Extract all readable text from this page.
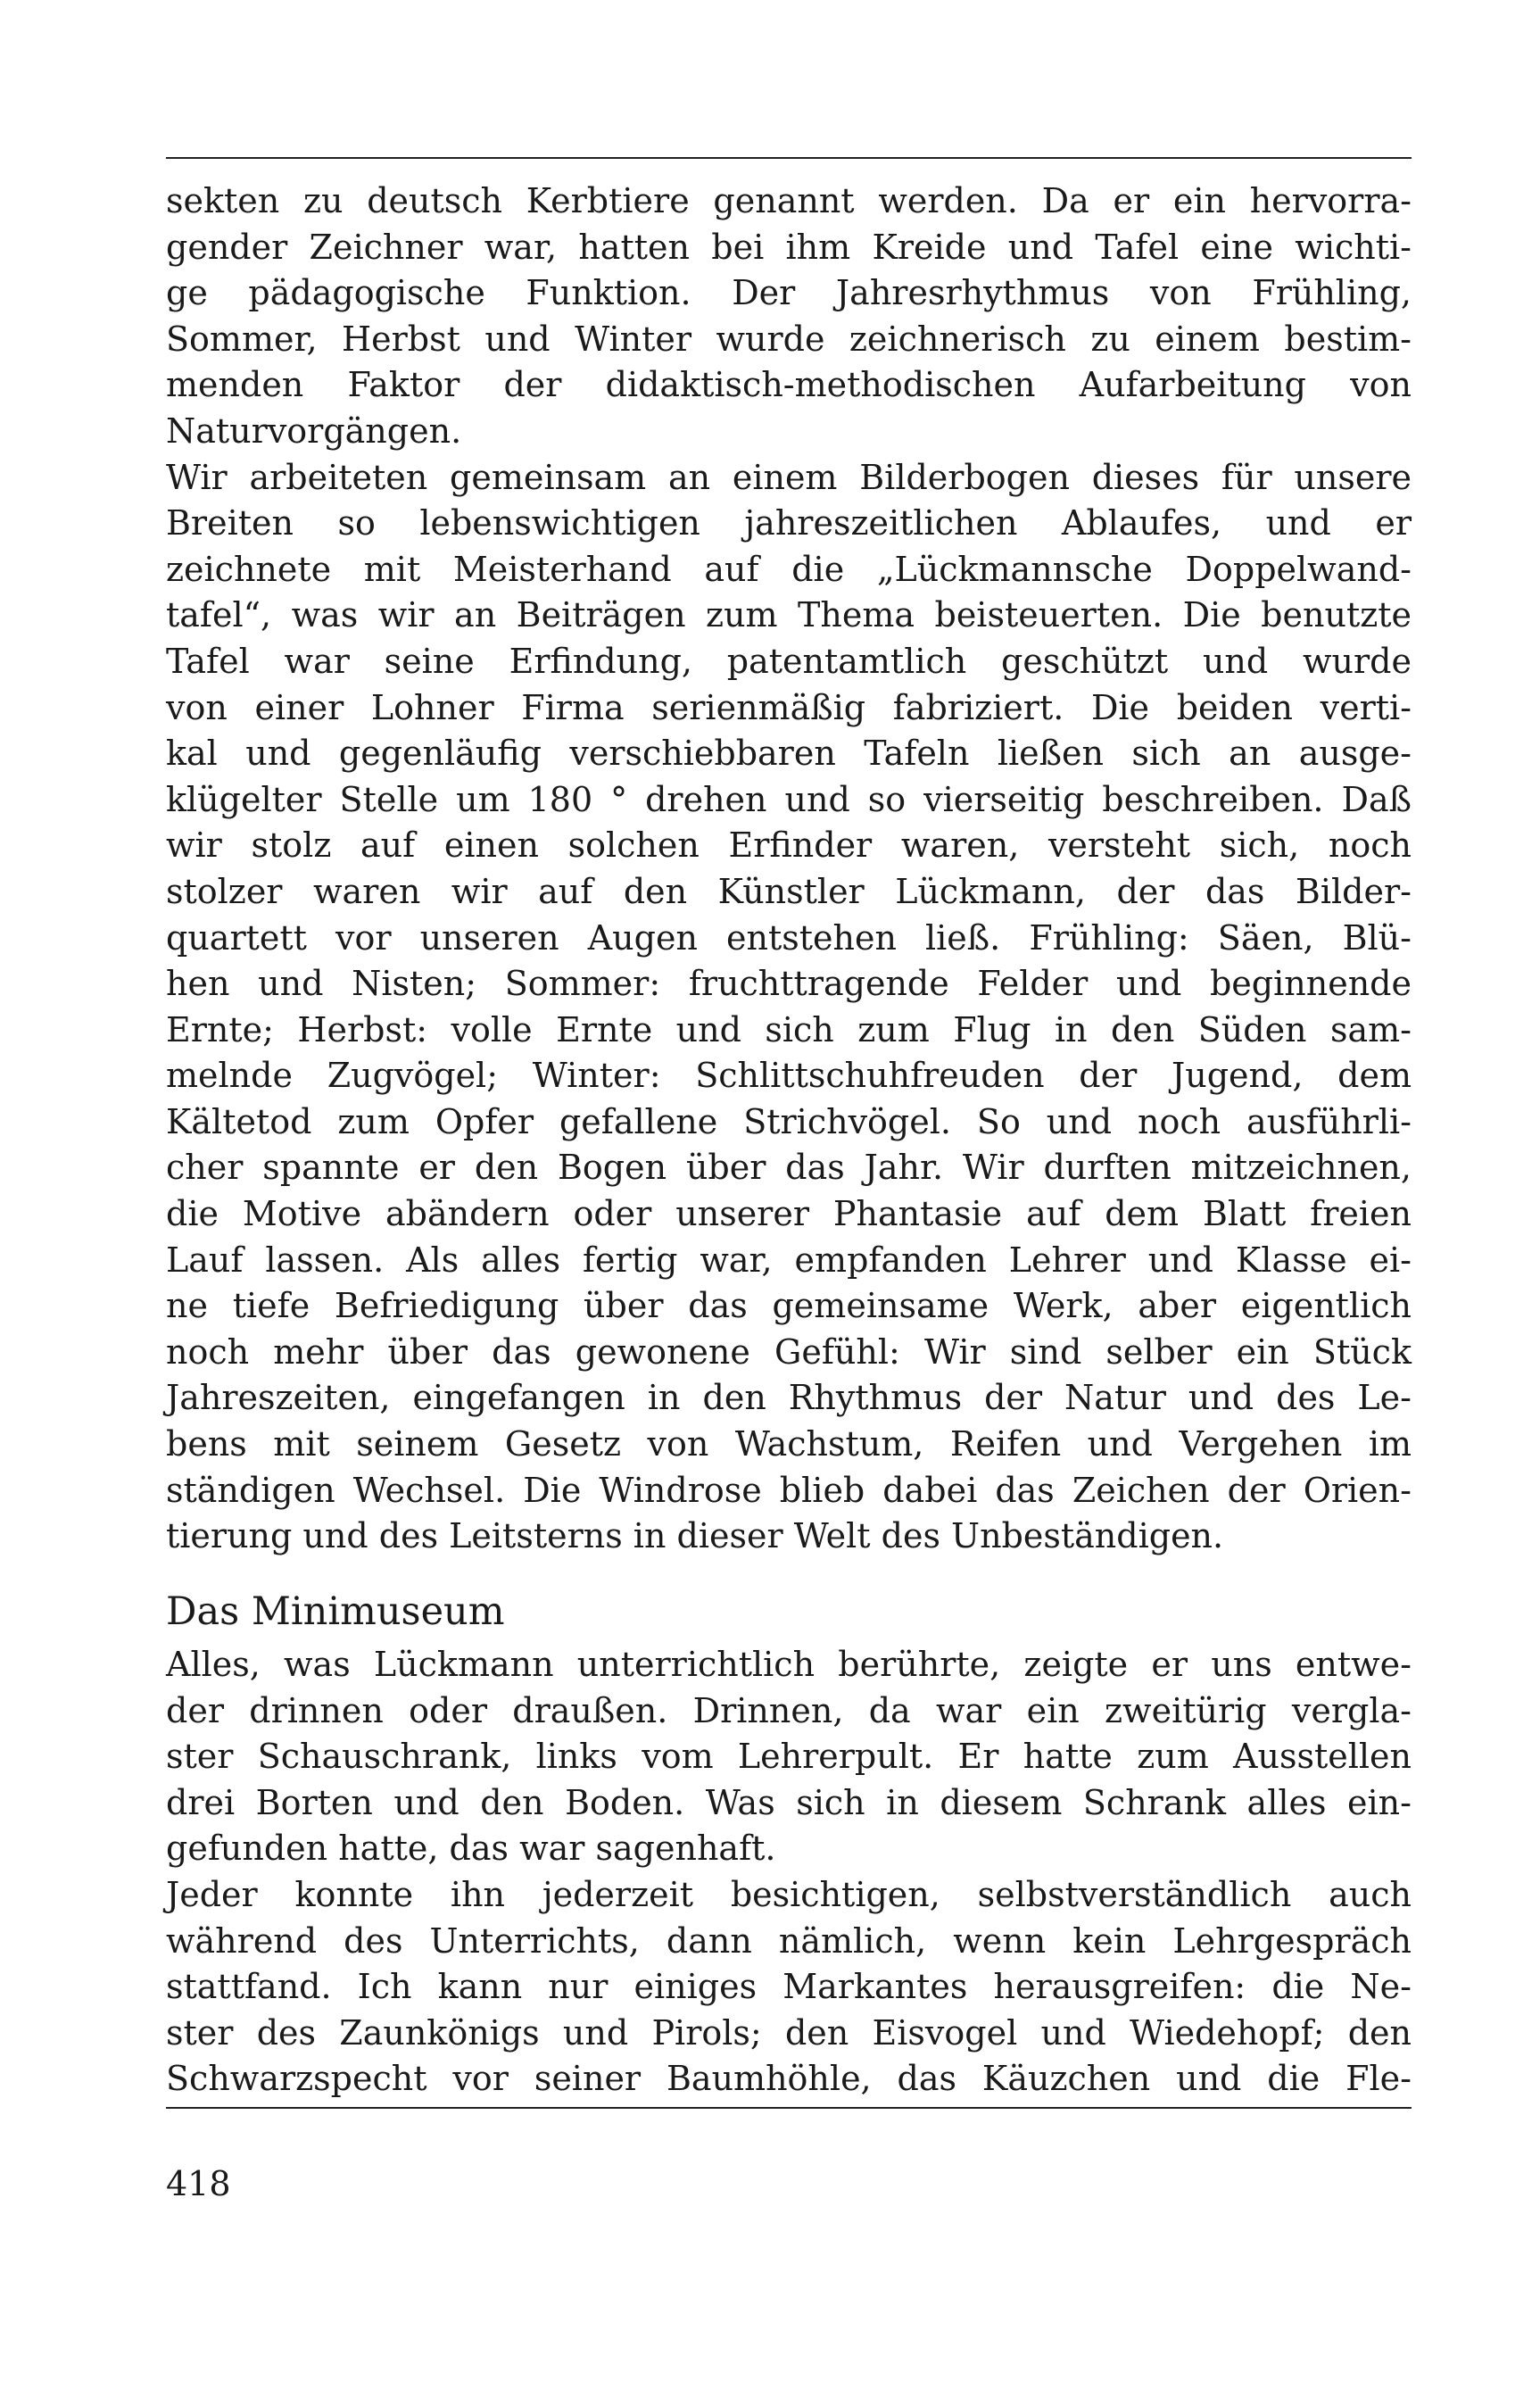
sekten zu deutsch Kerbtiere genannt werden. Da er ein hervorra-
gender Zeichner war, hatten bei ihm Kreide und Tafel eine wichti-
ge pädagogische Funktion. Der Jahresrhythmus von Frühling,
Sommer, Herbst und Winter wurde zeichnerisch zu einem bestim-
menden Faktor der didaktisch-methodischen Aufarbeitung von
Naturvorgängen.
Wir arbeiteten gemeinsam an einem Bilderbogen dieses für unsere
Breiten so lebenswichtigen jahreszeitlichen Ablaufes, und er
zeichnete mit Meisterhand auf die „Lückmannsche Doppelwand-
tafel“, was wir an Beiträgen zum Thema beisteuerten. Die benutzte
Tafel war seine Erfindung, patentamtlich geschützt und wurde
von einer Lohner Firma serienmäßig fabriziert. Die beiden verti-
kal und gegenläufig verschiebbaren Tafeln ließen sich an ausge-
klügelter Stelle um 180 ° drehen und so vierseitig beschreiben. Daß
wir stolz auf einen solchen Erfinder waren, versteht sich, noch
stolzer waren wir auf den Künstler Lückmann, der das Bilder-
quartett vor unseren Augen entstehen ließ. Frühling: Säen, Blü-
hen und Nisten; Sommer: fruchttragende Felder und beginnende
Ernte; Herbst: volle Ernte und sich zum Flug in den Süden sam-
melnde Zugvögel; Winter: Schlittschuhfreuden der Jugend, dem
Kältetod zum Opfer gefallene Strichvögel. So und noch ausführli-
cher spannte er den Bogen über das Jahr. Wir durften mitzeichnen,
die Motive abändern oder unserer Phantasie auf dem Blatt freien
Lauf lassen. Als alles fertig war, empfanden Lehrer und Klasse ei-
ne tiefe Befriedigung über das gemeinsame Werk, aber eigentlich
noch mehr über das gewonene Gefühl: Wir sind selber ein Stück
Jahreszeiten, eingefangen in den Rhythmus der Natur und des Le-
bens mit seinem Gesetz von Wachstum, Reifen und Vergehen im
ständigen Wechsel. Die Windrose blieb dabei das Zeichen der Orien-
tierung und des Leitsterns in dieser Welt des Unbeständigen.
Das Minimuseum
Alles, was Lückmann unterrichtlich berührte, zeigte er uns entwe-
der drinnen oder draußen. Drinnen, da war ein zweitürig vergla-
ster Schauschrank, links vom Lehrerpult. Er hatte zum Ausstellen
drei Borten und den Boden. Was sich in diesem Schrank alles ein-
gefunden hatte, das war sagenhaft.
Jeder konnte ihn jederzeit besichtigen, selbstverständlich auch
während des Unterrichts, dann nämlich, wenn kein Lehrgespräch
stattfand. Ich kann nur einiges Markantes herausgreifen: die Ne-
ster des Zaunkönigs und Pirols; den Eisvogel und Wiedehopf; den
Schwarzspecht vor seiner Baumhöhle, das Käuzchen und die Fle-
418
